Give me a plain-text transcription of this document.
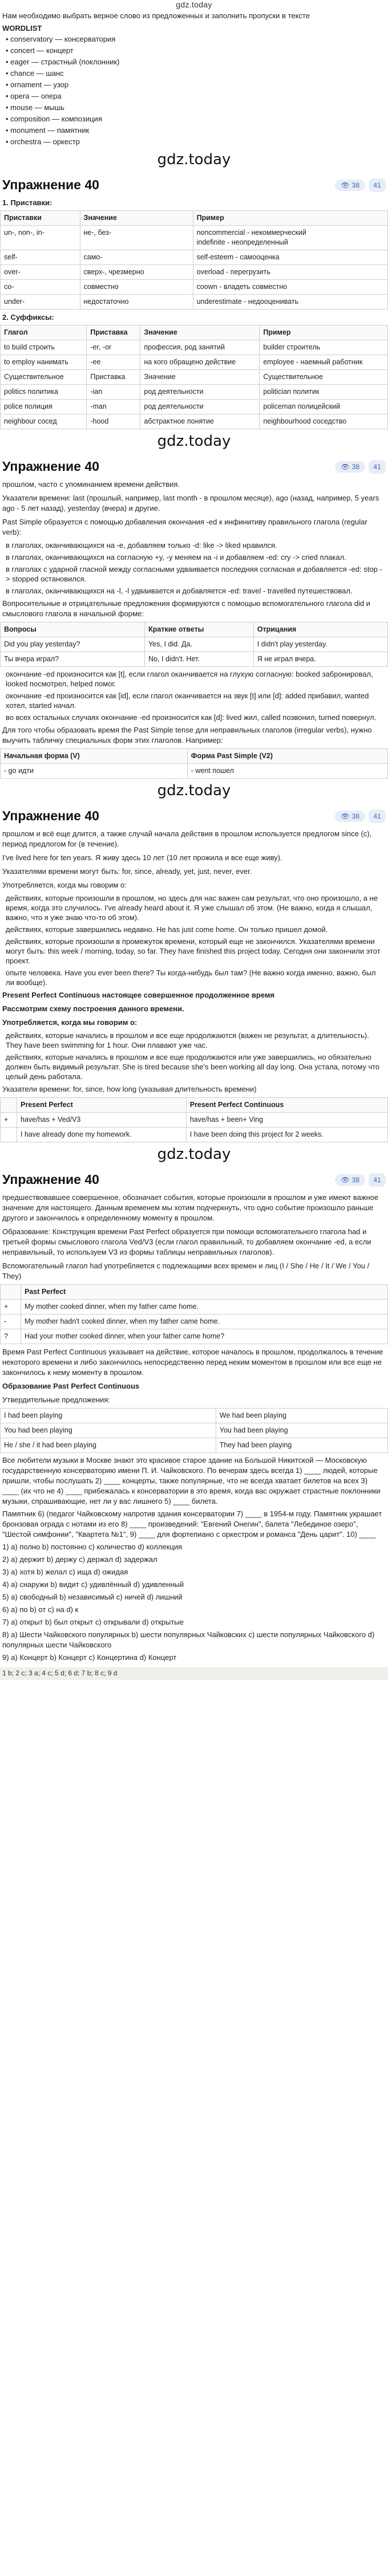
gdz.today

Нам необходимо выбрать верное слово из предложенных и заполнить пропуски в тексте

WORDLIST
• conservatory — консерватория
• concert — концерт
• eager — страстный (поклонник)
• chance — шанс
• ornament — узор
• opera — опера
• mouse — мышь
• composition — композиция
• monument — памятник
• orchestra — оркестр
gdz.today
Упражнение 40	👁 38 41
1. Приставки:
Приставки	Значение	Пример
un-, non-, in-	не-, без-	noncommercial - некоммерческий
indefinite - неопределенный
self-	само-	self-esteem - самооценка
over-	сверх-, чрезмерно	overload - перегрузить
co-	совместно	coown - владеть совместно
under-	недостаточно	underestimate - недооценивать
2. Суффиксы:
Глагол	Приставка	Значение	Пример
to build строить	-er, -or	профессия, род занятий	builder строитель
to employ нанимать	-ee	на кого обращено действие	employee - наемный работник
Существительное	Приставка	Значение	Существительное
politics политика	-ian	род деятельности	politician политик
police полиция	-man	род деятельности	policeman полицейский
neighbour сосед	-hood	абстрактное понятие	neighbourhood соседство
gdz.today
Упражнение 40	👁 38 41
прошлом, часто с упоминанием времени действия.
Указатели времени: last (прошлый, например, last month - в прошлом месяце), ago (назад, например, 5 years ago - 5 лет назад), yesterday (вчера) и другие.
Past Simple образуется с помощью добавления окончания -ed к инфинитиву правильного глагола (regular verb):
в глаголах, оканчивающихся на -e, добавляем только -d: like -> liked нравился.
в глаголах, оканчивающихся на согласную +y, -y меняем на -i и добавляем -ed: cry -> cried плакал.
в глаголах с ударной гласной между согласными удваивается последняя согласная и добавляется -ed: stop -> stopped остановился.
в глаголах, оканчивающихся на -l, -l удваивается и добавляется -ed: travel - travelled путешествовал.
Вопросительные и отрицательные предложения формируются с помощью вспомогательного глагола did и смыслового глагола в начальной форме:
Вопросы	Краткие ответы	Отрицания
Did you play yesterday?	Yes, I did. Да.	I didn't play yesterday.
Ты вчера играл?	No, I didn't. Нет.	Я не играл вчера.
окончание -ed произносится как [t], если глагол оканчивается на глухую согласную: booked забронировал, looked посмотрел, helped помог.
окончание -ed произносится как [id], если глагол оканчивается на звук [t] или [d]: added прибавил, wanted хотел, started начал.
во всех остальных случаях окончание -ed произносится как [d]: lived жил, called позвонил, turned повернул.
Для того чтобы образовать время the Past Simple tense для неправильных глаголов (irregular verbs), нужно выучить табличку специальных форм этих глаголов. Например:
Начальная форма (V)	Форма Past Simple (V2)
- go идти	- went пошел
gdz.today
Упражнение 40	👁 38 41
прошлом и всё еще длится, а также случай начала действия в прошлом используется предлогом since (с), период предлогом for (в течение).
I've lived here for ten years. Я живу здесь 10 лет (10 лет прожила и все еще живу).
Указателями времени могут быть: for, since, already, yet, just, never, ever.
Употребляется, когда мы говорим о:
действиях, которые произошли в прошлом, но здесь для нас важен сам результат, что оно произошло, а не время, когда это случилось. I've already heard about it. Я уже слышал об этом. (Не важно, когда я слышал, важно, что я уже знаю что-то об этом).
действиях, которые завершились недавно. He has just come home. Он только пришел домой.
действиях, которые произошли в промежуток времени, который еще не закончился. Указателями времени могут быть: this week / morning, today, so far. They have finished this project today. Сегодня они закончили этот проект.
опыте человека. Have you ever been there? Ты когда-нибудь был там? (Не важно когда именно, важно, был ли вообще).
Present Perfect Continuous настоящее совершенное продолженное время
Рассмотрим схему построения данного времени.
Употребляется, когда мы говорим о:
действиях, которые начались в прошлом и все еще продолжаются (важен не результат, а длительность). They have been swimming for 1 hour. Они плавают уже час.
действиях, которые начались в прошлом и все еще продолжаются или уже завершились, но обязательно должен быть видимый результат. She is tired because she's been working all day long. Она устала, потому что целый день работала.
Указатели времени: for, since, how long (указывая длительность времени)
	Present Perfect	Present Perfect Continuous
+	have/has + Ved/V3	have/has + been+ Ving
	I have already done my homework.	I have been doing this project for 2 weeks.
gdz.today
Упражнение 40	👁 38 41
предшествовавшее совершенное, обозначает события, которые произошли в прошлом и уже имеют важное значение для настоящего. Данным временем мы хотим подчеркнуть, что одно событие произошло раньше другого и закончилось к определенному моменту в прошлом.
Образование: Конструкция времени Past Perfect образуется при помощи вспомогательного глагола had и третьей формы смыслового глагола Ved/V3 (если глагол правильный, то добавляем окончание -ed, а если неправильный, то используем V3 из формы таблицы неправильных глаголов).
Вспомогательный глагол had употребляется с подлежащими всех времен и лиц (I / She / He / It / We / You / They)
	Past Perfect
+	My mother cooked dinner, when my father came home.
-	My mother hadn't cooked dinner, when my father came home.
?	Had your mother cooked dinner, when your father came home?
Время Past Perfect Continuous указывает на действие, которое началось в прошлом, продолжалось в течение некоторого времени и либо закончилось непосредственно перед неким моментом в прошлом или все еще не закончилось к нему моменту в прошлом.
Образование Past Perfect Continuous
Утвердительные предложения:
I had been playing	We had been playing
You had been playing	You had been playing
He / she / it had been playing	They had been playing

Все любители музыки в Москве знают это красивое старое здание на Большой Никитской — Московскую государственную консерваторию имени П. И. Чайковского. По вечерам здесь всегда 1) ____ людей, которые пришли, чтобы послушать 2) ____ концерты, также популярные, что не всегда хватает билетов на всех 3) ____ (их что не 4) ____ прибежалась к консерватории в это время, когда вас окружает страстные поклонники музыки, спрашивающие, нет ли у вас лишнего 5) ____ билета.

Памятник 6) (педагог Чайковскому напротив здания консерватории 7) ____ в 1954-м году. Памятник украшает бронзовая ограда с нотами из его 8) ____ произведений: "Евгений Онегин", балета "Лебединое озеро", "Шестой симфонии", "Квартета №1", 9) ____ для фортепиано с оркестром и романса "День царит". 10) ____

1) a) полно b) постоянно c) количество d) коллекция

2) a) держит b) держу c) держал d) задержал

3) a) хотя b) желал c) ища d) ожидая

4) a) снаружи b) видит с) удивлённый d) удивленный

5) a) свободный b) независимый c) ничей d) лишний

6) a) по b) от c) на d) к

7) a) открыт b) был открыт с) открывали d) открытые

8) a) Шести Чайковского популярных b) шести популярных Чайковских c) шести популярных Чайковского d) популярных шести Чайковского

9) a) Концерт b) Концерт c) Концертина d) Концерт

1 b; 2 c; 3 a; 4 c; 5 d; 6 d; 7 b; 8 c; 9 d
